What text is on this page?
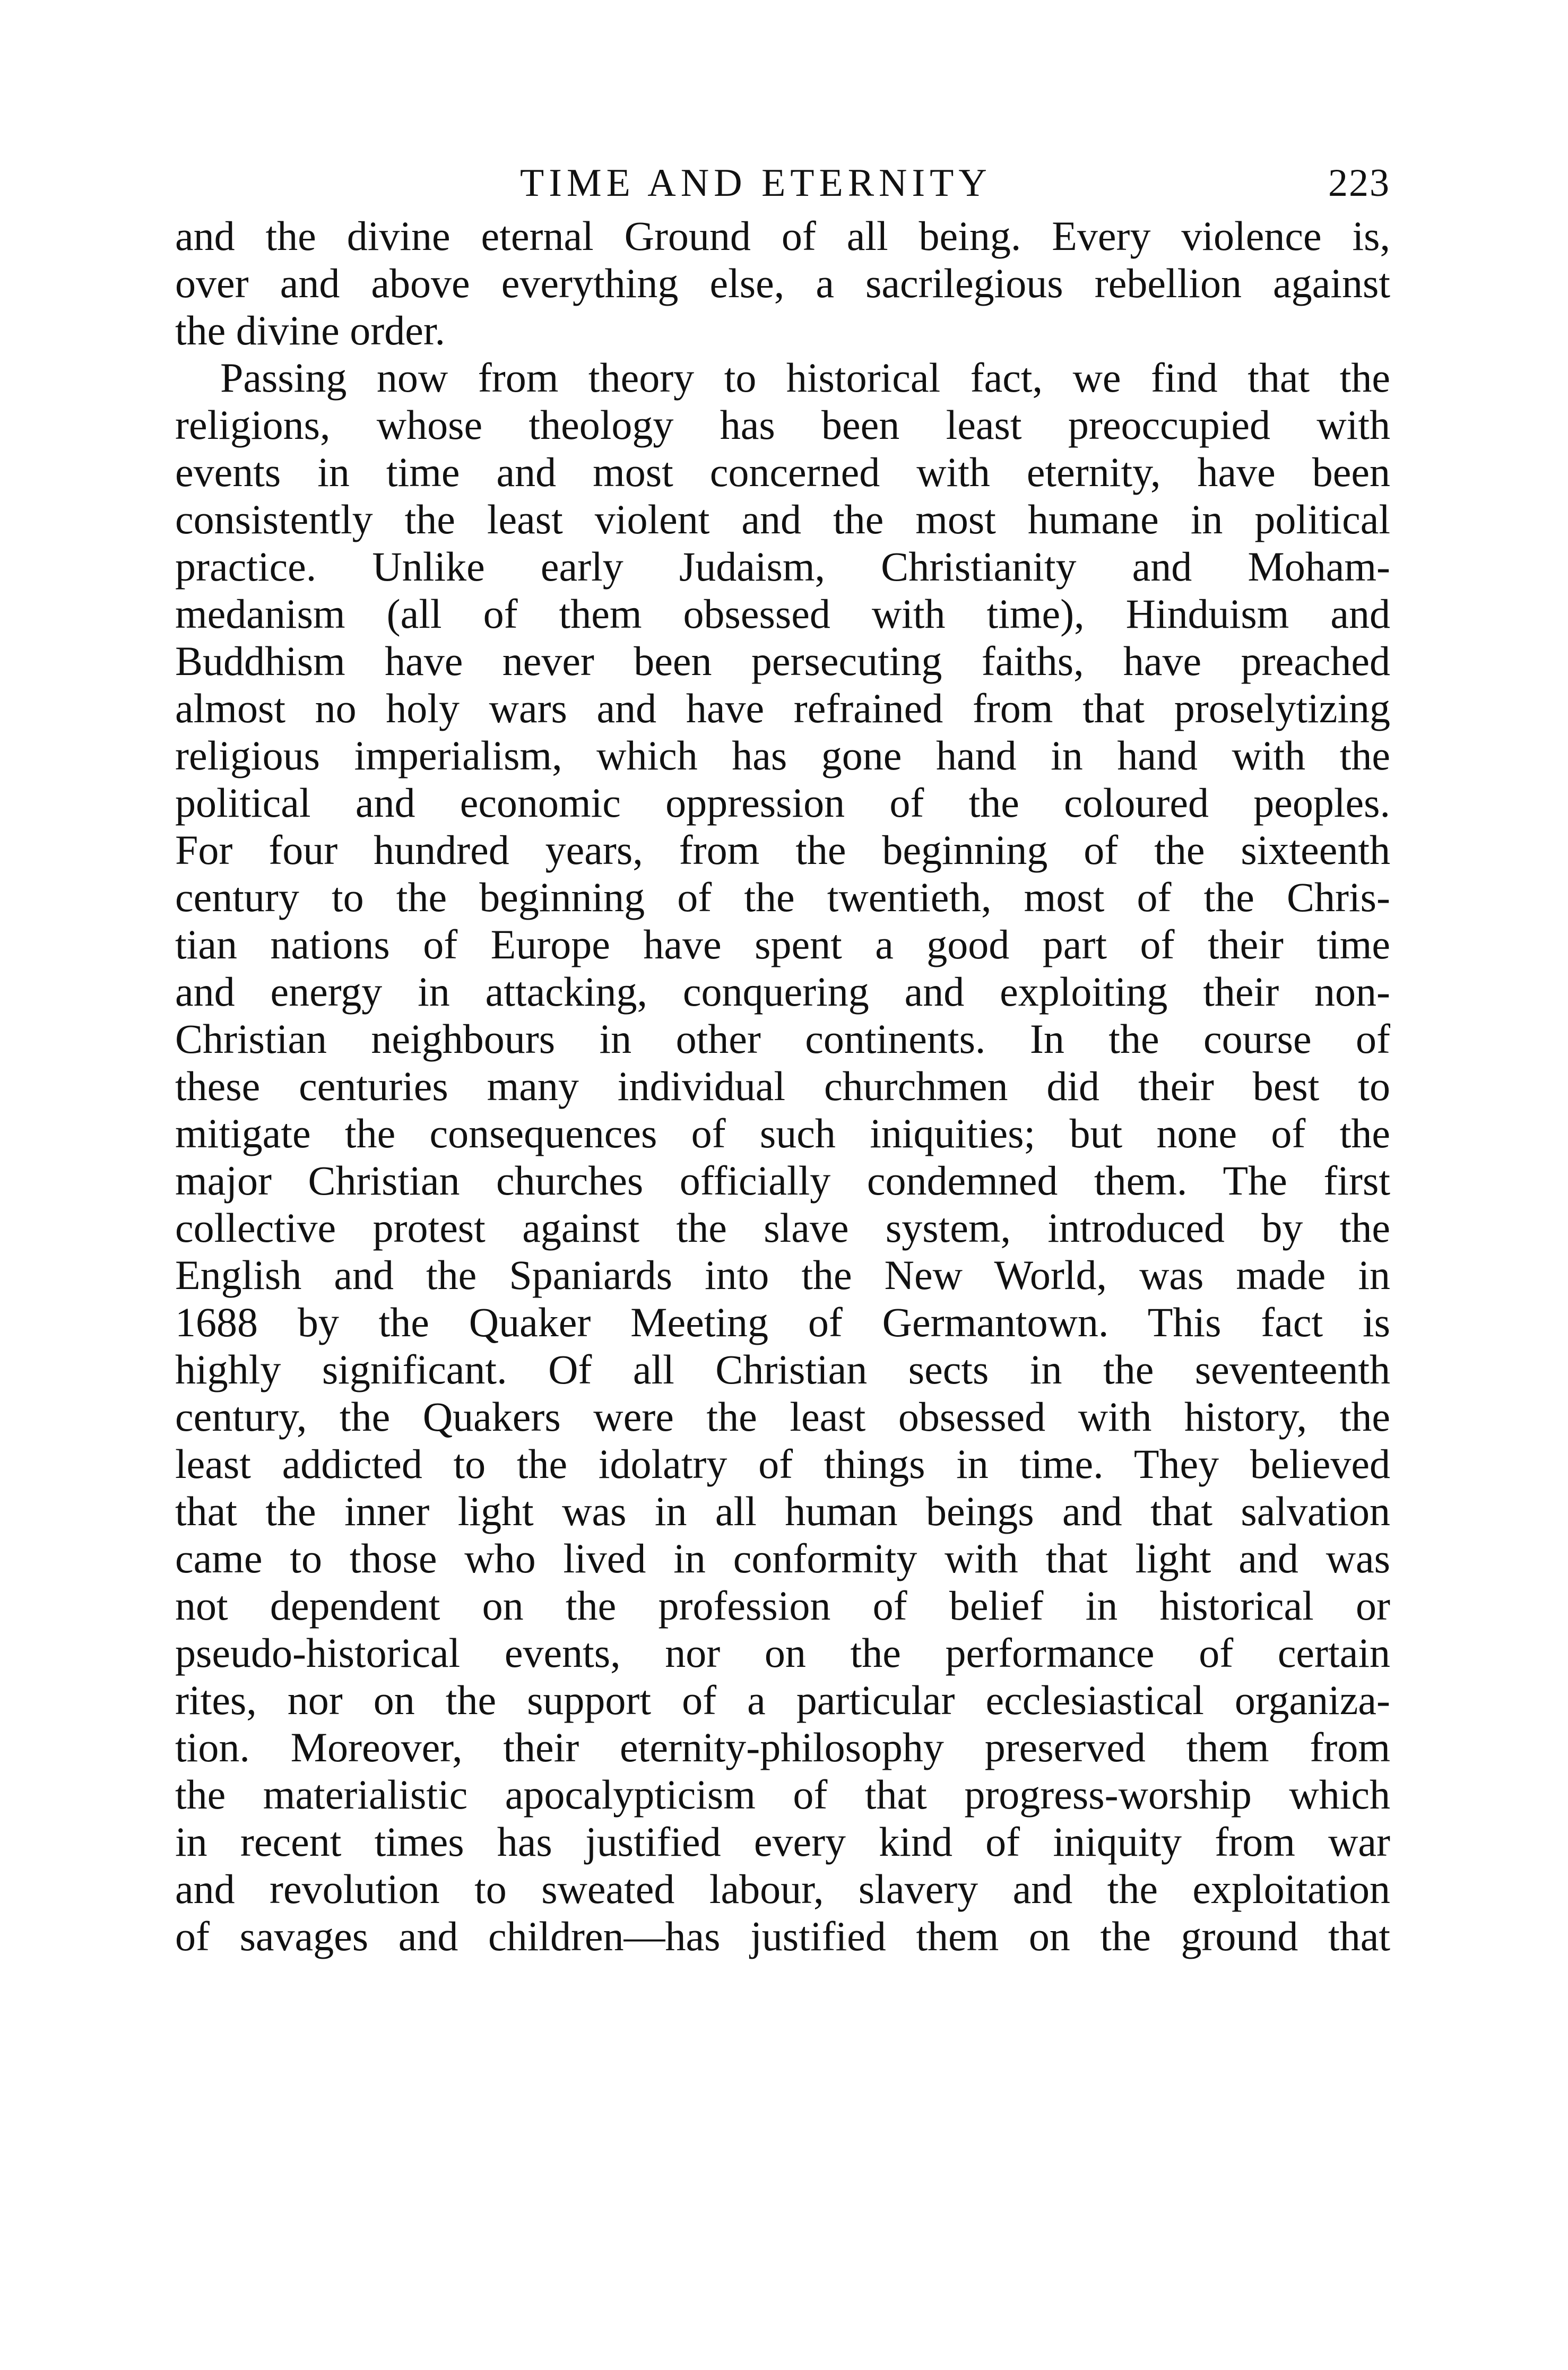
TIME AND ETERNITY	223
and the divine eternal Ground of all being. Every violence is,
over and above everything else, a sacrilegious rebellion against
the divine order.
Passing now from theory to historical fact, we find that the
religions, whose theology has been least preoccupied with
events in time and most concerned with eternity, have been
consistently the least violent and the most humane in political
practice. Unlike early Judaism, Christianity and Moham-
medanism (all of them obsessed with time), Hinduism and
Buddhism have never been persecuting faiths, have preached
almost no holy wars and have refrained from that proselytizing
religious imperialism, which has gone hand in hand with the
political and economic oppression of the coloured peoples.
For four hundred years, from the beginning of the sixteenth
century to the beginning of the twentieth, most of the Chris-
tian nations of Europe have spent a good part of their time
and energy in attacking, conquering and exploiting their non-
Christian neighbours in other continents. In the course of
these centuries many individual churchmen did their best to
mitigate the consequences of such iniquities; but none of the
major Christian churches officially condemned them. The first
collective protest against the slave system, introduced by the
English and the Spaniards into the New World, was made in
1688 by the Quaker Meeting of Germantown. This fact is
highly significant. Of all Christian sects in the seventeenth
century, the Quakers were the least obsessed with history, the
least addicted to the idolatry of things in time. They believed
that the inner light was in all human beings and that salvation
came to those who lived in conformity with that light and was
not dependent on the profession of belief in historical or
pseudo-historical events, nor on the performance of certain
rites, nor on the support of a particular ecclesiastical organiza-
tion. Moreover, their eternity-philosophy preserved them from
the materialistic apocalypticism of that progress-worship which
in recent times has justified every kind of iniquity from war
and revolution to sweated labour, slavery and the exploitation
of savages and children—has justified them on the ground that
